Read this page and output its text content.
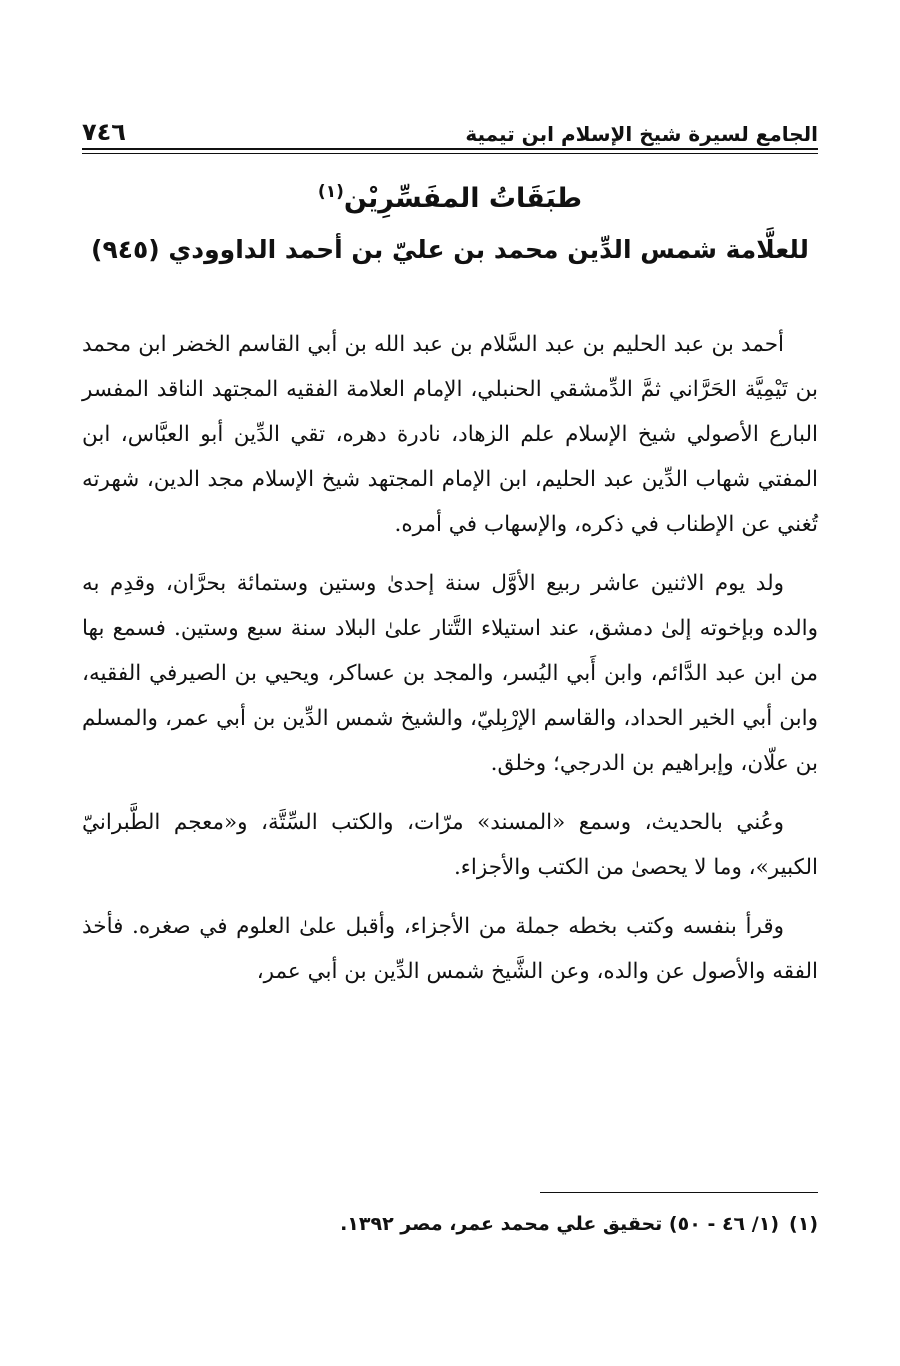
الجامع لسيرة شيخ الإسلام ابن تيمية
٧٤٦
طبَقَاتُ المفَسِّرِيْن$^{(١)}$
للعلَّامة شمس الدِّين محمد بن عليّ بن أحمد الداوودي (٩٤٥)

أحمد بن عبد الحليم بن عبد السَّلام بن عبد الله بن أبي القاسم الخضر ابن محمد بن تَيْمِيَّة الحَرَّاني ثمَّ الدِّمشقي الحنبلي، الإمام العلامة الفقيه المجتهد الناقد المفسر البارع الأصولي شيخ الإسلام علم الزهاد، نادرة دهره، تقي الدِّين أبو العبَّاس، ابن المفتي شهاب الدِّين عبد الحليم، ابن الإمام المجتهد شيخ الإسلام مجد الدين، شهرته تُغني عن الإطناب في ذكره، والإسهاب في أمره.

ولد يوم الاثنين عاشر ربيع الأوَّل سنة إحدىٰ وستين وستمائة بحرَّان، وقدِم به والده وبإخوته إلىٰ دمشق، عند استيلاء التَّتار علىٰ البلاد سنة سبع وستين. فسمع بها من ابن عبد الدَّائم، وابن أَبي اليُسر، والمجد بن عساكر، ويحيي بن الصيرفي الفقيه، وابن أبي الخير الحداد، والقاسم الإرْبِليّ، والشيخ شمس الدِّين بن أبي عمر، والمسلم بن علّان، وإبراهيم بن الدرجي؛ وخلق.

وعُني بالحديث، وسمع «المسند» مرّات، والكتب السِّتَّة، و«معجم الطَّبرانيّ الكبير»، وما لا يحصىٰ من الكتب والأجزاء.

وقرأ بنفسه وكتب بخطه جملة من الأجزاء، وأقبل علىٰ العلوم في صغره. فأخذ الفقه والأصول عن والده، وعن الشَّيخ شمس الدِّين بن أبي عمر،

(١)(١/ ٤٦ - ٥٠) تحقيق علي محمد عمر، مصر ١٣٩٢.
